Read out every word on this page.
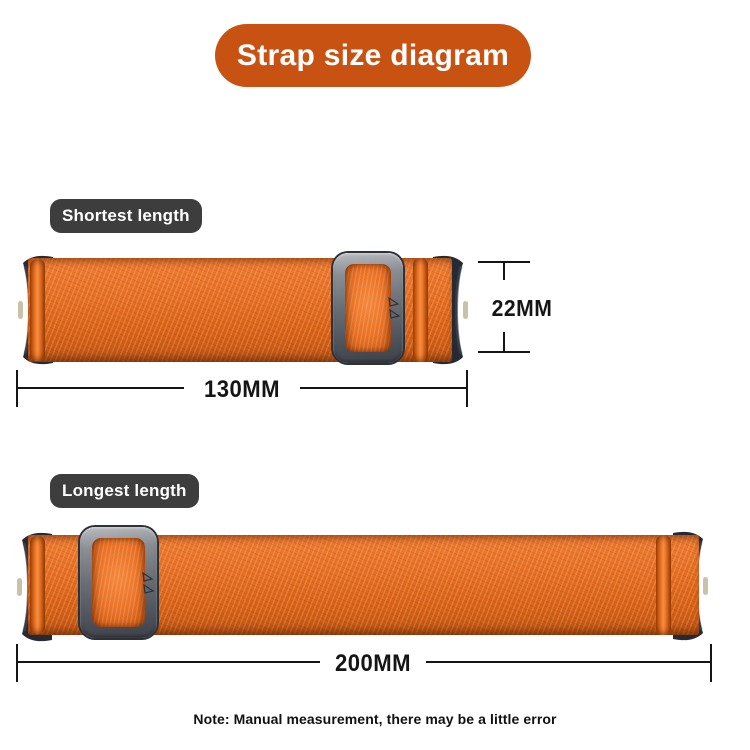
Strap size diagram
Shortest length
22MM
130MM
Longest length
200MM
Note: Manual measurement, there may be a little error
